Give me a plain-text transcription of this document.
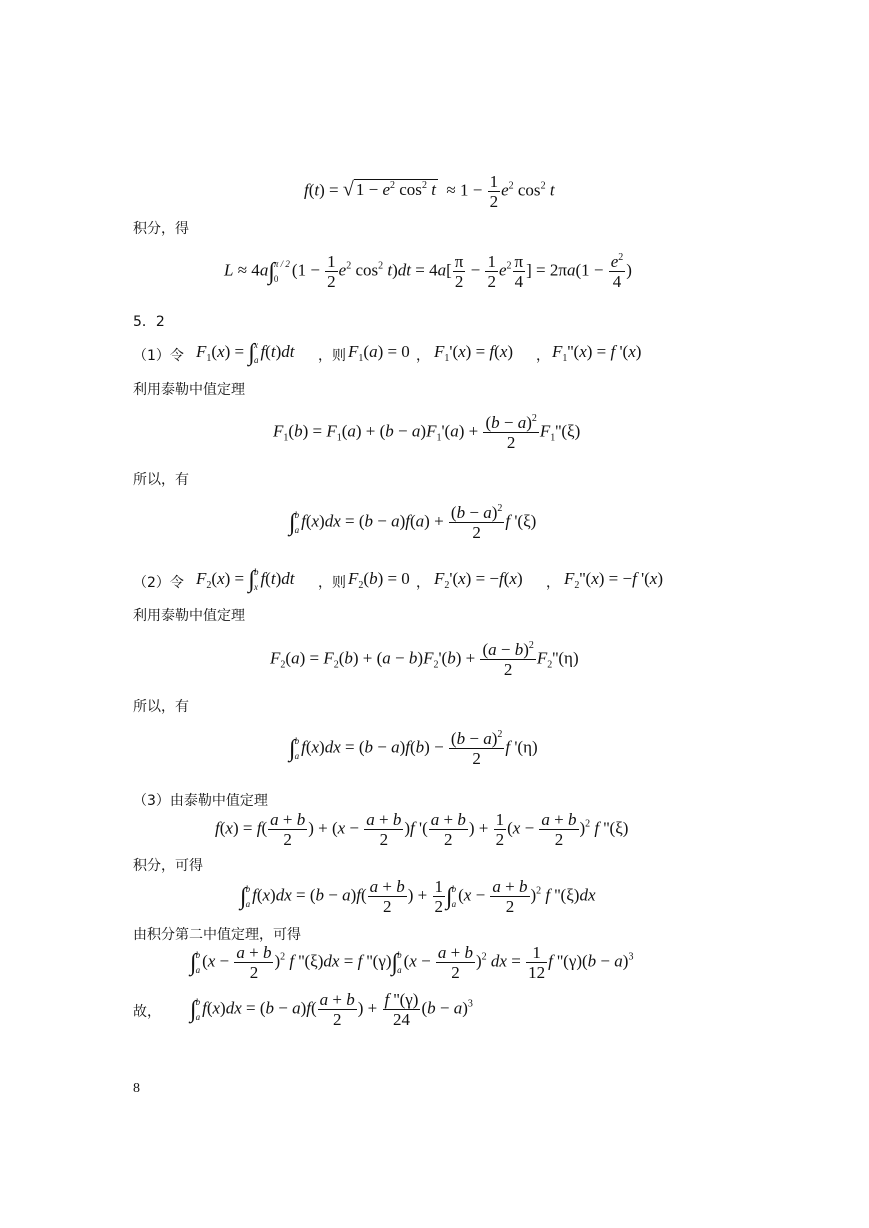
f(t) = √ $1 - e^2$ $\cos^2 t \approx 1 - \frac{1}{2} e^2$ $\cos^2 t$
积分，得
L ≈ 4a∫ π / 2
0 ($1 - \frac{1}{2} e^2$ $\cos^2 t)dt = 4a[ \frac{\pi}{2} - \frac{1}{2} e^2 \frac{\pi}{4}$ ] = $2\pi a(1 - \frac{e^2}{4}$ )
5．2
（1）令 $F_1(x)$ = ∫ x
a f(t)dt ，则 $F_1(a) = 0$ ， $F_1'(x) = f(x)$ ， $F_1''(x) = f$ '(x)
利用泰勒中值定理
$F_1(b) = F_1(a) + (b - a)F_1'(a) + \frac{(b - a)^2}{2} F_1''(\xi)$
所以，有
∫ b
a $f(x)dx = (b - a)f(a) + \frac{(b - a)^2}{2}$ f '(ξ)
（2）令 $F_2(x)$ = ∫ b
x f(t)dt ，则 $F_2(b) = 0$ ， $F_2'(x) = -f(x)$ ， $F_2''(x) = -f$ '(x)
利用泰勒中值定理
$F_2(a) = F_2(b) + (a - b)F_2'(b) + \frac{(a - b)^2}{2} F_2''(\eta)$
所以，有
∫ b
a $f(x)dx = (b - a)f(b) - \frac{(b - a)^2}{2}$ f '(η)
（3）由泰勒中值定理
$f(x) = f( \frac{a + b}{2}$ ) + $(x - \frac{a + b}{2} )f$ '( $\frac{a + b}{2}$ ) + $\frac{1}{2} (x - \frac{a + b}{2} )^2$ f ''(ξ)
积分，可得
∫ b
a $f(x)dx = (b - a)f( \frac{a + b}{2}$ ) + $\frac{1}{2}$ ∫ b
a $(x - \frac{a + b}{2} )^2$ f ''(ξ)dx
由积分第二中值定理，可得
∫ b
a $(x - \frac{a + b}{2} )^2$ f ''(ξ)dx = f ''(γ)∫ b
a $(x - \frac{a + b}{2} )^2$ dx = $\frac{1}{12}$ f ''$(\gamma)(b - a)^3$
故， ∫ b
a $f(x)dx = (b - a)f( \frac{a + b}{2}$ ) + $\frac{f ''(\gamma)}{24} (b - a)^3$
8
